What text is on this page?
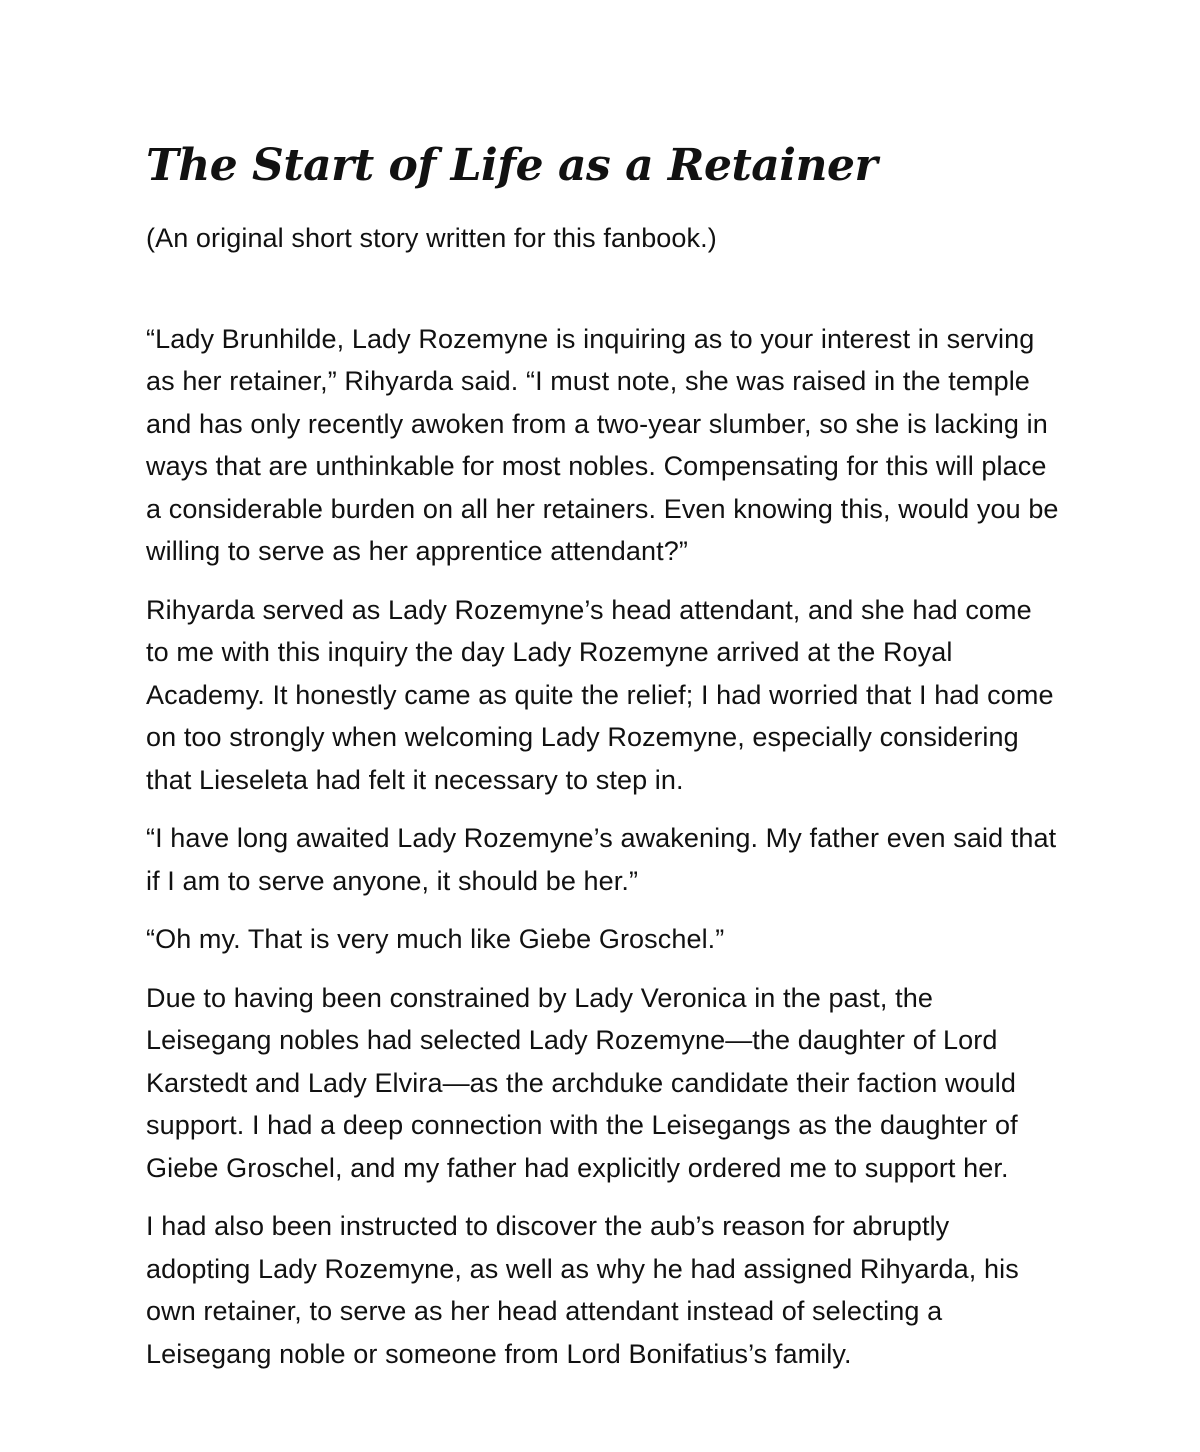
The Start of Life as a Retainer

(An original short story written for this fanbook.)

“Lady Brunhilde, Lady Rozemyne is inquiring as to your interest in serving as her retainer,” Rihyarda said. “I must note, she was raised in the temple and has only recently awoken from a two-year slumber, so she is lacking in ways that are unthinkable for most nobles. Compensating for this will place a considerable burden on all her retainers. Even knowing this, would you be willing to serve as her apprentice attendant?”

Rihyarda served as Lady Rozemyne’s head attendant, and she had come to me with this inquiry the day Lady Rozemyne arrived at the Royal Academy. It honestly came as quite the relief; I had worried that I had come on too strongly when welcoming Lady Rozemyne, especially considering that Lieseleta had felt it necessary to step in.

“I have long awaited Lady Rozemyne’s awakening. My father even said that if I am to serve anyone, it should be her.”

“Oh my. That is very much like Giebe Groschel.”

Due to having been constrained by Lady Veronica in the past, the Leisegang nobles had selected Lady Rozemyne—the daughter of Lord Karstedt and Lady Elvira—as the archduke candidate their faction would support. I had a deep connection with the Leisegangs as the daughter of Giebe Groschel, and my father had explicitly ordered me to support her.

I had also been instructed to discover the aub’s reason for abruptly adopting Lady Rozemyne, as well as why he had assigned Rihyarda, his own retainer, to serve as her head attendant instead of selecting a Leisegang noble or someone from Lord Bonifatius’s family.
